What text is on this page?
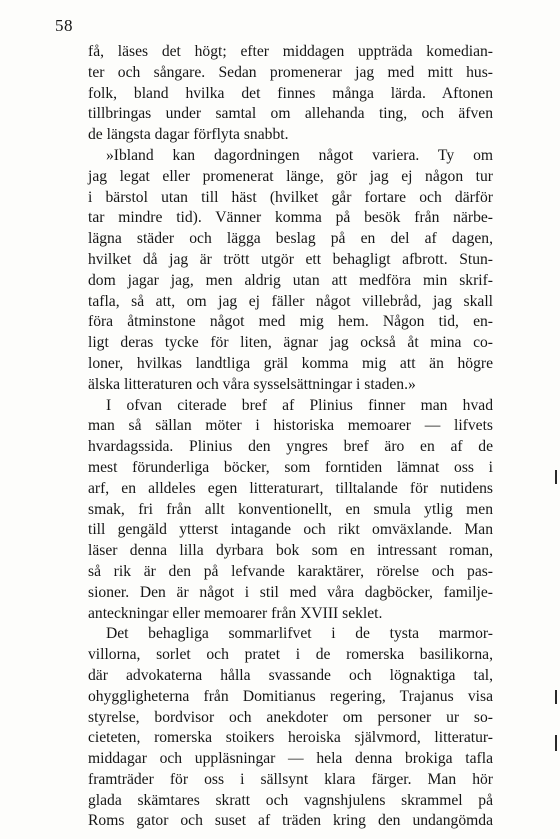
58
få, läses det högt; efter middagen uppträda komedian-
ter och sångare. Sedan promenerar jag med mitt hus-
folk, bland hvilka det finnes många lärda. Aftonen
tillbringas under samtal om allehanda ting, och äfven
de längsta dagar förflyta snabbt.
»Ibland kan dagordningen något variera. Ty om
jag legat eller promenerat länge, gör jag ej någon tur
i bärstol utan till häst (hvilket går fortare och därför
tar mindre tid). Vänner komma på besök från närbe-
lägna städer och lägga beslag på en del af dagen,
hvilket då jag är trött utgör ett behagligt afbrott. Stun-
dom jagar jag, men aldrig utan att medföra min skrif-
tafla, så att, om jag ej fäller något villebråd, jag skall
föra åtminstone något med mig hem. Någon tid, en-
ligt deras tycke för liten, ägnar jag också åt mina co-
loner, hvilkas landtliga gräl komma mig att än högre
älska litteraturen och våra sysselsättningar i staden.»
I ofvan citerade bref af Plinius finner man hvad
man så sällan möter i historiska memoarer — lifvets
hvardagssida. Plinius den yngres bref äro en af de
mest förunderliga böcker, som forntiden lämnat oss i
arf, en alldeles egen litteraturart, tilltalande för nutidens
smak, fri från allt konventionellt, en smula ytlig men
till gengäld ytterst intagande och rikt omväxlande. Man
läser denna lilla dyrbara bok som en intressant roman,
så rik är den på lefvande karaktärer, rörelse och pas-
sioner. Den är något i stil med våra dagböcker, familje-
anteckningar eller memoarer från XVIII seklet.
Det behagliga sommarlifvet i de tysta marmor-
villorna, sorlet och pratet i de romerska basilikorna,
där advokaterna hålla svassande och lögnaktiga tal,
ohyggligheterna från Domitianus regering, Trajanus visa
styrelse, bordvisor och anekdoter om personer ur so-
cieteten, romerska stoikers heroiska självmord, litteratur-
middagar och uppläsningar — hela denna brokiga tafla
framträder för oss i sällsynt klara färger. Man hör
glada skämtares skratt och vagnshjulens skrammel på
Roms gator och suset af träden kring den undangömda
